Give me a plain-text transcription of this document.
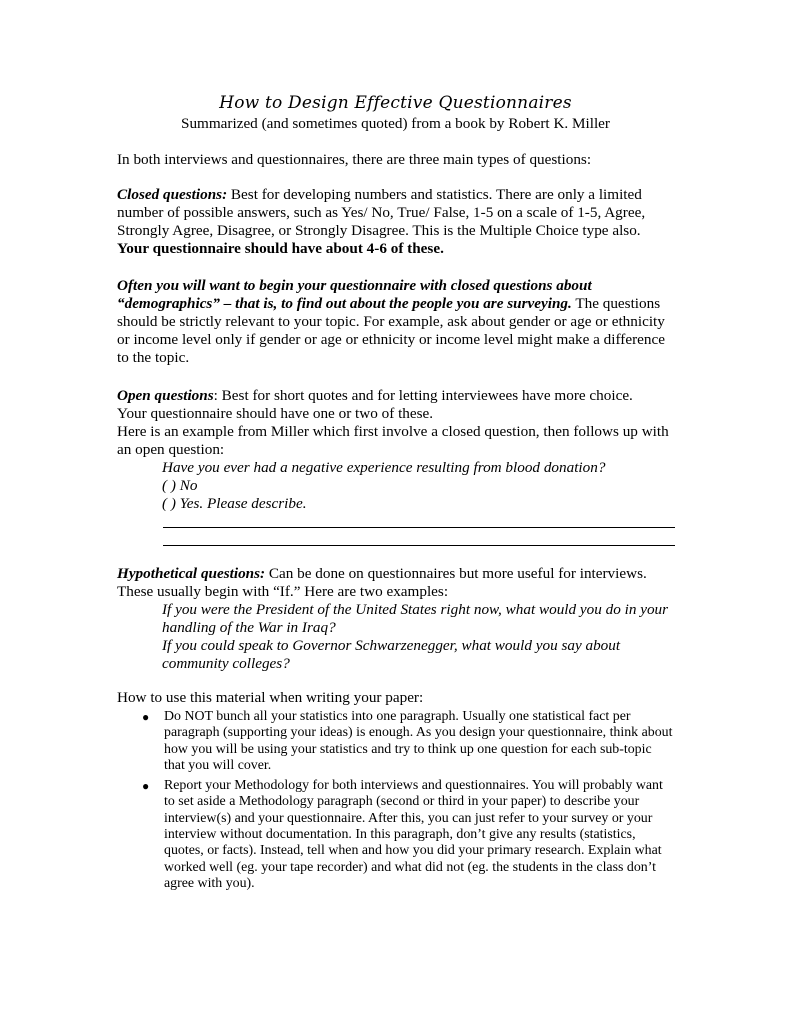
How to Design Effective Questionnaires
Summarized (and sometimes quoted) from a book by Robert K. Miller
In both interviews and questionnaires, there are three main types of questions:
Closed questions: Best for developing numbers and statistics. There are only a limited number of possible answers, such as Yes/ No, True/ False, 1-5 on a scale of 1-5, Agree, Strongly Agree, Disagree, or Strongly Disagree. This is the Multiple Choice type also.
Your questionnaire should have about 4-6 of these.
Often you will want to begin your questionnaire with closed questions about “demographics” – that is, to find out about the people you are surveying. The questions should be strictly relevant to your topic. For example, ask about gender or age or ethnicity or income level only if gender or age or ethnicity or income level might make a difference to the topic.
Open questions: Best for short quotes and for letting interviewees have more choice.
Your questionnaire should have one or two of these.
Here is an example from Miller which first involve a closed question, then follows up with an open question:
Have you ever had a negative experience resulting from blood donation?
( ) No
( ) Yes. Please describe.
Hypothetical questions: Can be done on questionnaires but more useful for interviews. These usually begin with “If.” Here are two examples:
If you were the President of the United States right now, what would you do in your handling of the War in Iraq?
If you could speak to Governor Schwarzenegger, what would you say about community colleges?
How to use this material when writing your paper:
● Do NOT bunch all your statistics into one paragraph. Usually one statistical fact per paragraph (supporting your ideas) is enough. As you design your questionnaire, think about how you will be using your statistics and try to think up one question for each sub-topic that you will cover.
● Report your Methodology for both interviews and questionnaires. You will probably want to set aside a Methodology paragraph (second or third in your paper) to describe your interview(s) and your questionnaire. After this, you can just refer to your survey or your interview without documentation. In this paragraph, don’t give any results (statistics, quotes, or facts). Instead, tell when and how you did your primary research. Explain what worked well (eg. your tape recorder) and what did not (eg. the students in the class don’t agree with you).
